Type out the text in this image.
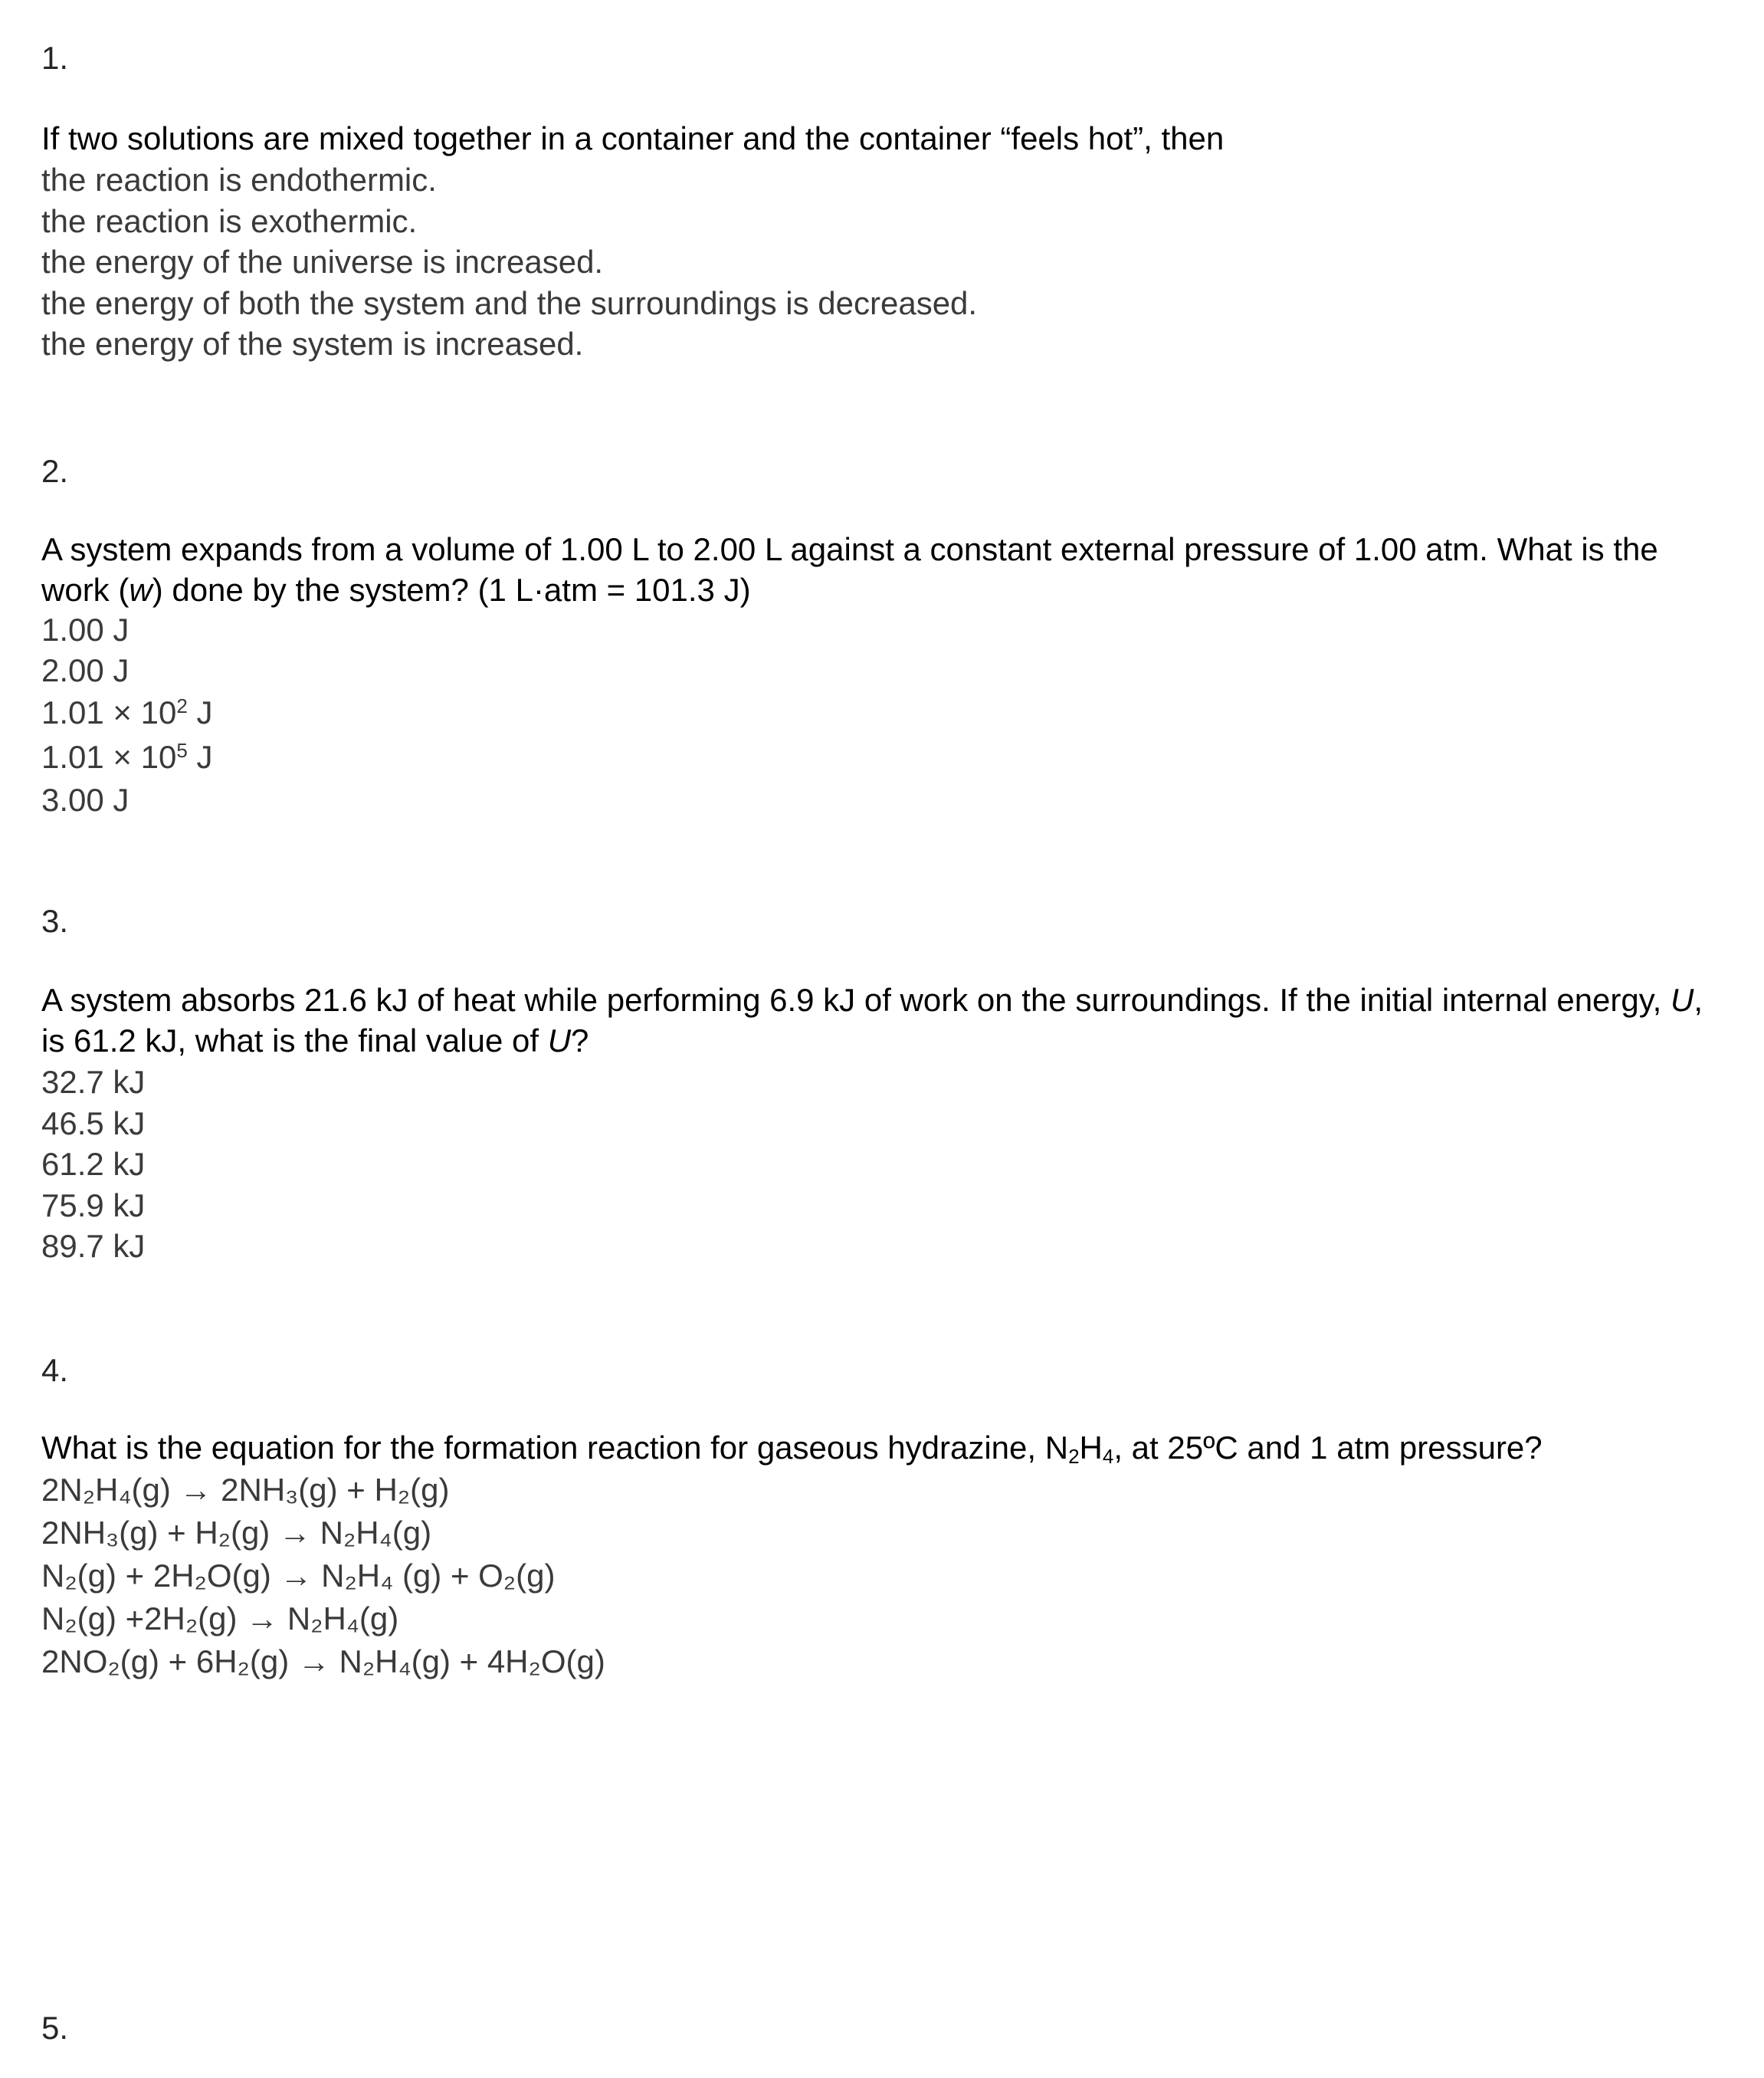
1.
If two solutions are mixed together in a container and the container “feels hot”, then
the reaction is endothermic.
the reaction is exothermic.
the energy of the universe is increased.
the energy of both the system and the surroundings is decreased.
the energy of the system is increased.
2.
A system expands from a volume of 1.00 L to 2.00 L against a constant external pressure of 1.00 atm. What is the work (w) done by the system? (1 L·atm = 101.3 J)
1.00 J
2.00 J
$1.01 \times 10^2$ J
$1.01 \times 10^5$ J
3.00 J
3.
A system absorbs 21.6 kJ of heat while performing 6.9 kJ of work on the surroundings. If the initial internal energy, U, is 61.2 kJ, what is the final value of U?
32.7 kJ
46.5 kJ
61.2 kJ
75.9 kJ
89.7 kJ
4.
What is the equation for the formation reaction for gaseous hydrazine, $N_2H_4$, at 25ºC and 1 atm pressure?
2N₂H₄(g) → 2NH₃(g) + H₂(g)
2NH₃(g) + H₂(g) → N₂H₄(g)
N₂(g) + 2H₂O(g) → N₂H₄ (g) + O₂(g)
N₂(g) +2H₂(g) → N₂H₄(g)
2NO₂(g) + 6H₂(g) → N₂H₄(g) + 4H₂O(g)
5.
